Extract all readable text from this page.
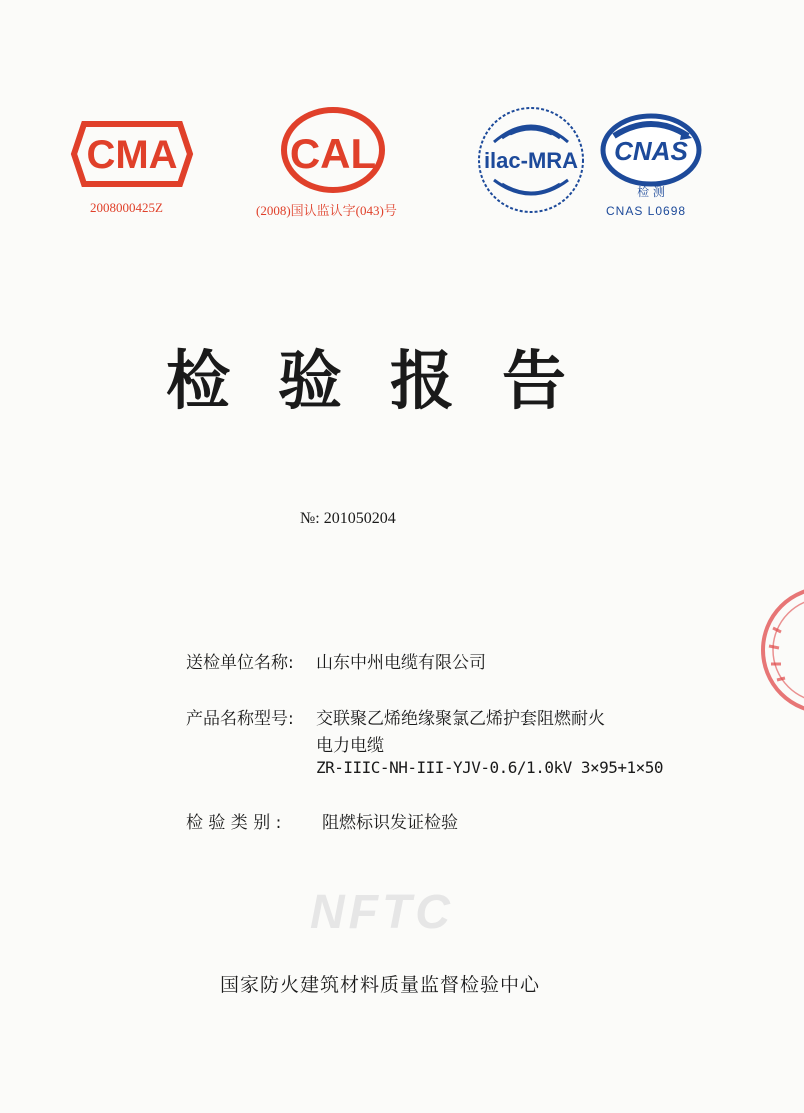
CMA
2008000425Z
CAL
(2008)国认监认字(043)号
ilac-MRA CNAS
检 测
CNAS L0698
检验报告
№: 201050204
送检单位名称: 山东中州电缆有限公司
产品名称型号: 交联聚乙烯绝缘聚氯乙烯护套阻燃耐火
电力电缆
ZR-IIIC-NH-III-YJV-0.6/1.0kV 3×95+1×50
检 验 类 别 : 阻燃标识发证检验
NFTC
国家防火建筑材料质量监督检验中心
